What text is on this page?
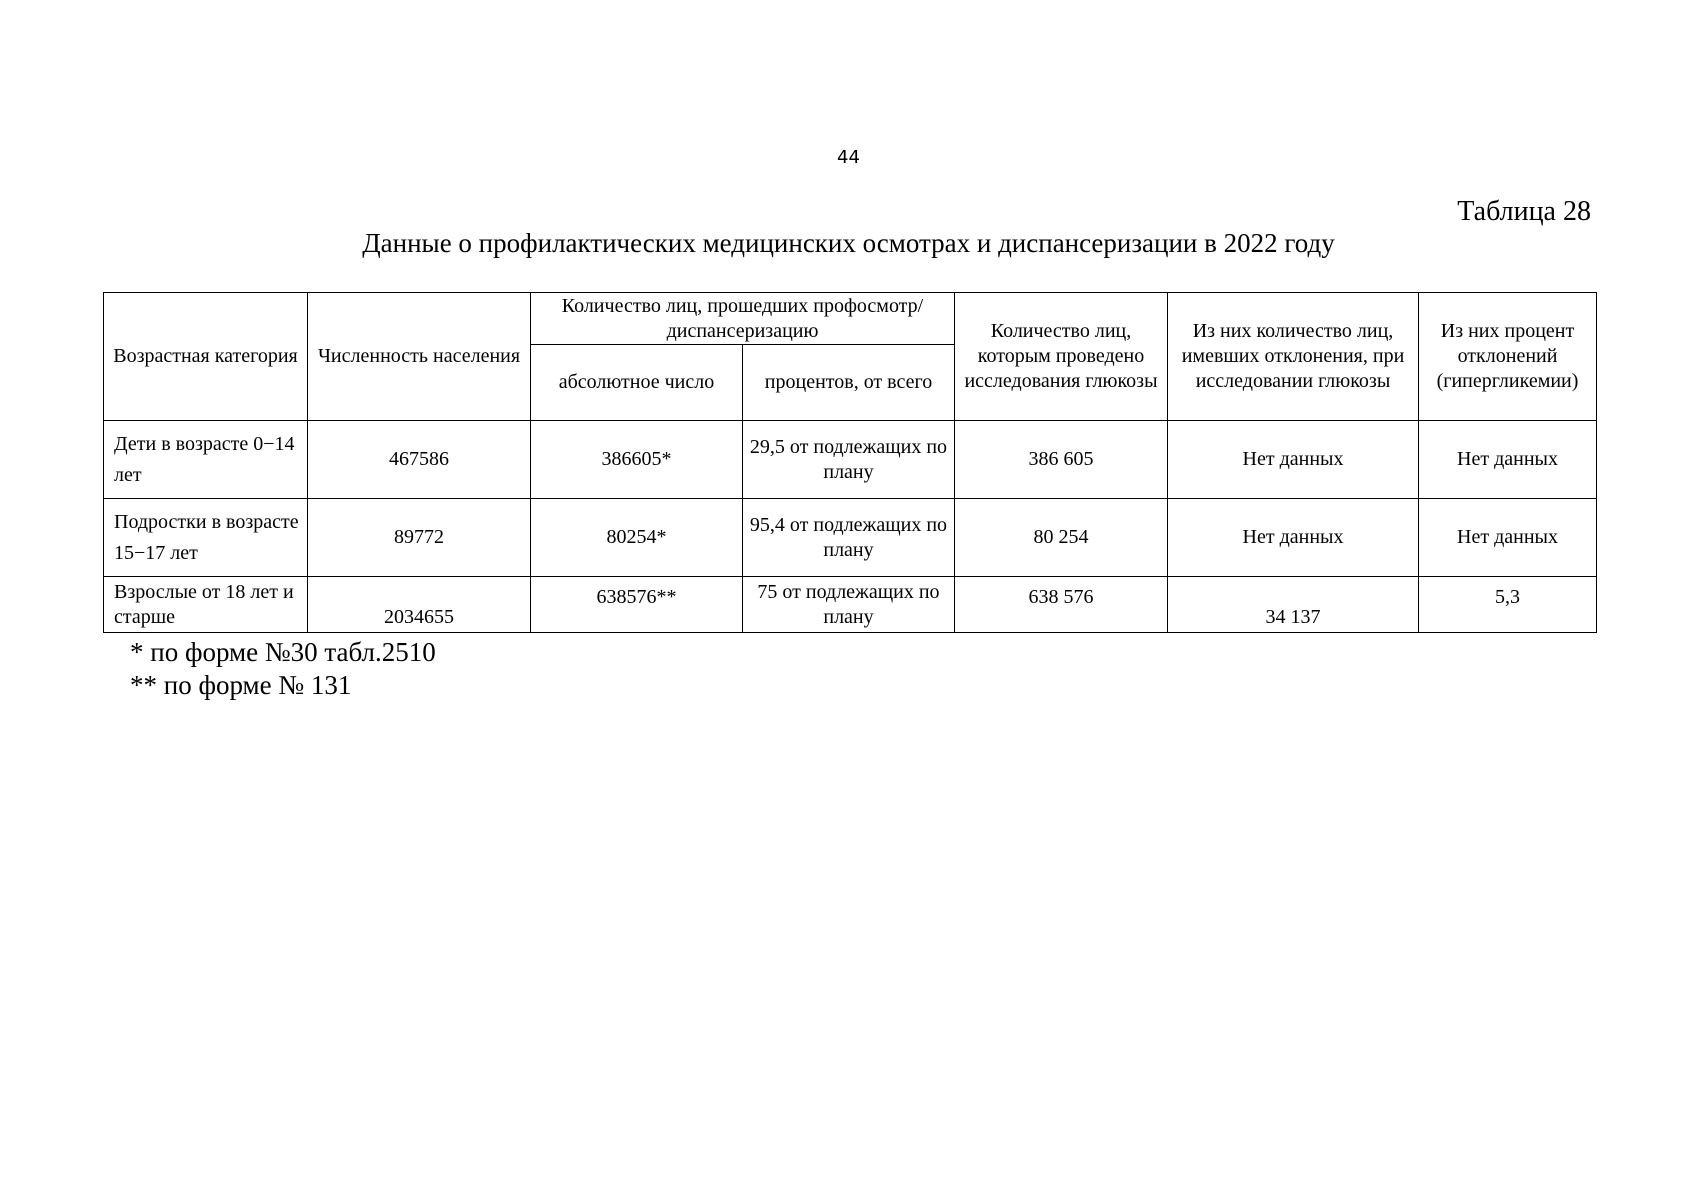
44
Таблица 28
Данные о профилактических медицинских осмотрах и диспансеризации в 2022 году
Возрастная категория	Численность населения	Количество лиц, прошедших профосмотр/диспансеризацию		Количество лиц, которым проведено исследования глюкозы	Из них количество лиц, имевших отклонения, при исследовании глюкозы	Из них процент отклонений (гипергликемии)
		абсолютное число	процентов, от всего			
Дети в возрасте 0−14 лет	467586	386605*	29,5 от подлежащих по плану	386 605	Нет данных	Нет данных
Подростки в возрасте 15−17 лет	89772	80254*	95,4 от подлежащих по плану	80 254	Нет данных	Нет данных
Взрослые от 18 лет и старше	2034655	638576**	75 от подлежащих по плану	638 576	34 137	5,3
* по форме №30 табл.2510
** по форме № 131
